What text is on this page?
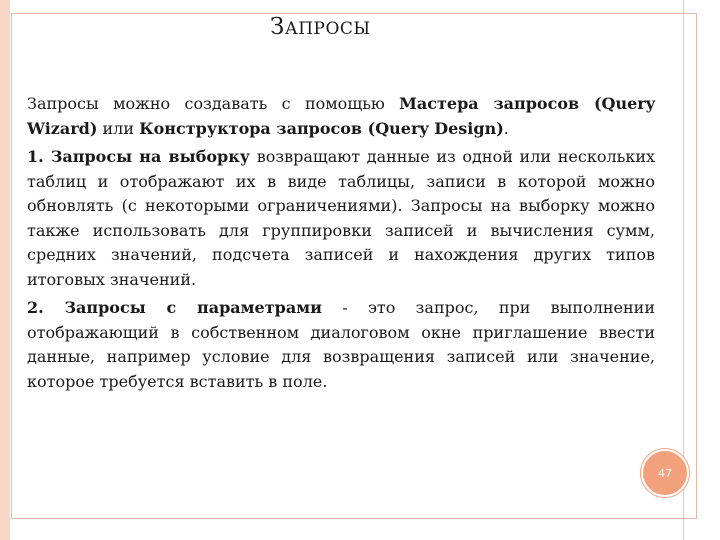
ЗАПРОСЫ

Запросы можно создавать с помощью Мастера запросов (Query Wizard) или Конструктора запросов (Query Design).

1. Запросы на выборку возвращают данные из одной или нескольких таблиц и отображают их в виде таблицы, записи в которой можно обновлять (с некоторыми ограничениями). Запросы на выборку можно также использовать для группировки записей и вычисления сумм, средних значений, подсчета записей и нахождения других типов итоговых значений.

2. Запросы с параметрами - это запрос, при выполнении отображающий в собственном диалоговом окне приглашение ввести данные, например условие для возвращения записей или значение, которое требуется вставить в поле.

47
